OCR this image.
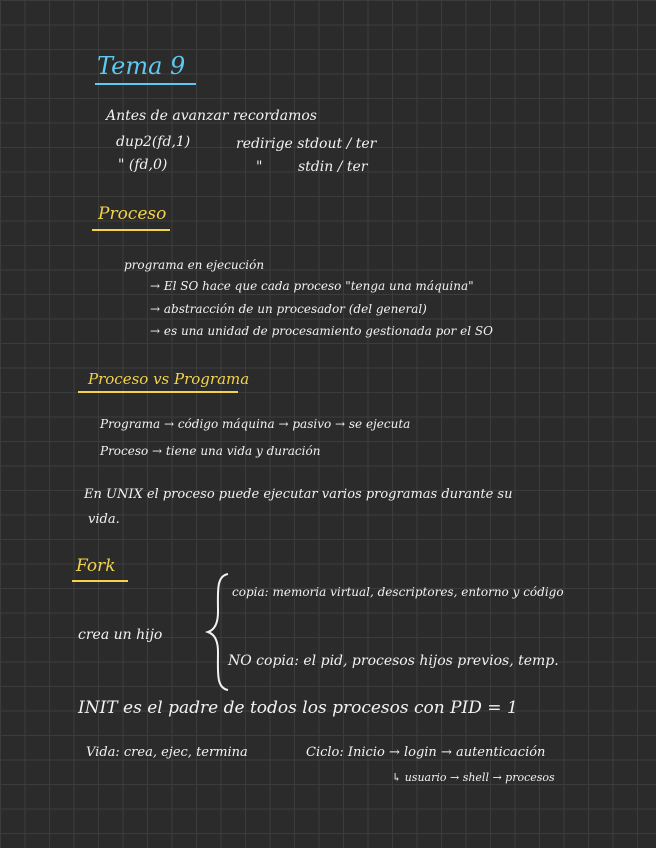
Tema 9
Antes de avanzar recordamos
dup2(fd,1)	redirige stdout / ter
" (fd,0)	"	stdin / ter
Proceso
programa en ejecución
→ El SO hace que cada proceso "tenga una máquina"
→ abstracción de un procesador (del general)
→ es una unidad de procesamiento gestionada por el SO
Proceso vs Programa
Programa → código máquina → pasivo → se ejecuta
Proceso → tiene una vida y duración
En UNIX el proceso puede ejecutar varios programas durante su
vida.
Fork
crea un hijo
copia: memoria virtual, descriptores, entorno y código
NO copia: el pid, procesos hijos previos, temp.
INIT es el padre de todos los procesos con PID = 1
Vida: crea, ejec, termina	Ciclo: Inicio → login → autenticación
↳ usuario → shell → procesos
